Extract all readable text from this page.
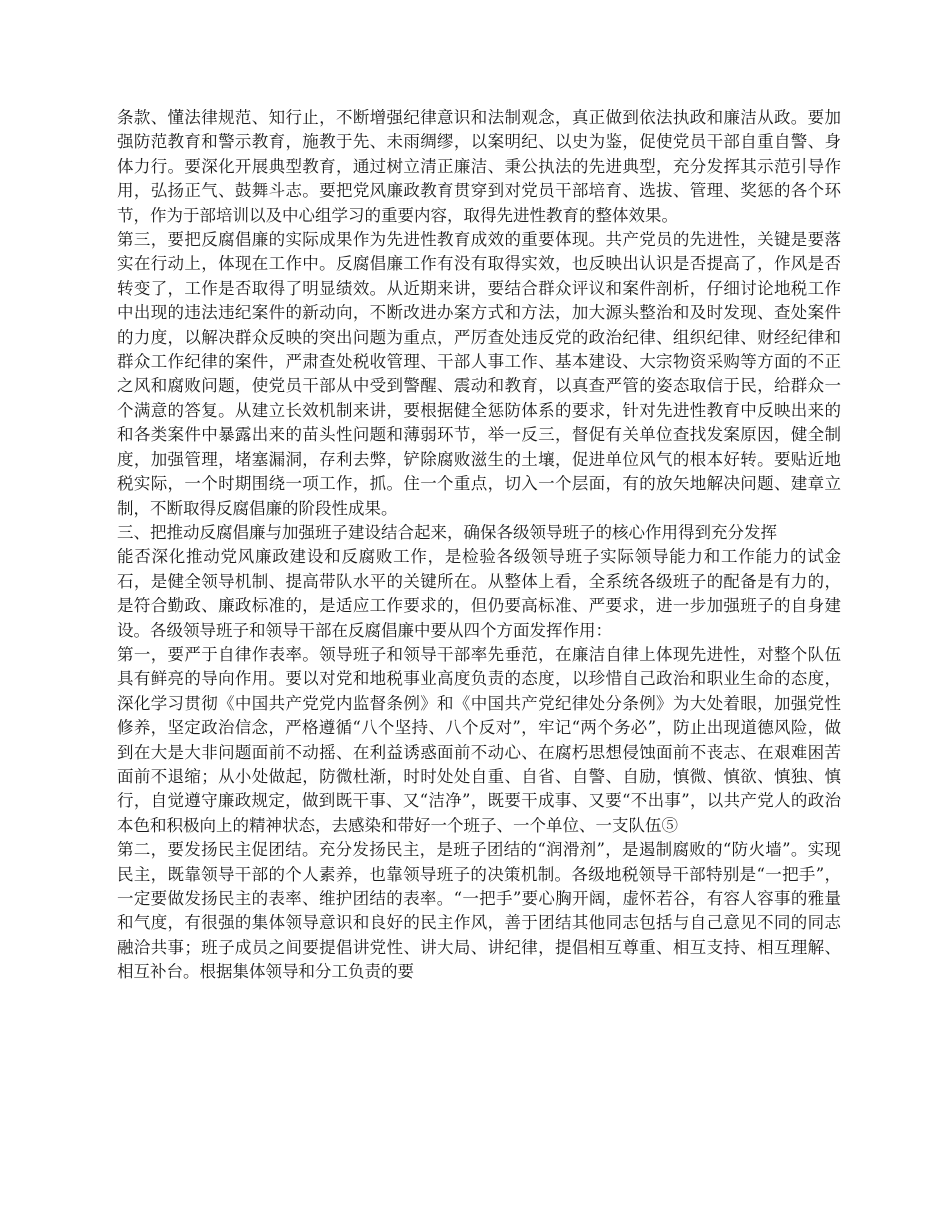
条款、懂法律规范、知行止，不断增强纪律意识和法制观念，真正做到依法执政和廉洁从政。要加强防范教育和警示教育，施教于先、未雨绸缪，以案明纪、以史为鉴，促使党员干部自重自警、身体力行。要深化开展典型教育，通过树立清正廉洁、秉公执法的先进典型，充分发挥其示范引导作用，弘扬正气、鼓舞斗志。要把党风廉政教育贯穿到对党员干部培育、选拔、管理、奖惩的各个环节，作为于部培训以及中心组学习的重要内容，取得先进性教育的整体效果。

第三，要把反腐倡廉的实际成果作为先进性教育成效的重要体现。共产党员的先进性，关键是要落实在行动上，体现在工作中。反腐倡廉工作有没有取得实效，也反映出认识是否提高了，作风是否转变了，工作是否取得了明显绩效。从近期来讲，要结合群众评议和案件剖析，仔细讨论地税工作中出现的违法违纪案件的新动向，不断改进办案方式和方法，加大源头整治和及时发现、查处案件的力度，以解决群众反映的突出问题为重点，严厉查处违反党的政治纪律、组织纪律、财经纪律和群众工作纪律的案件，严肃查处税收管理、干部人事工作、基本建设、大宗物资采购等方面的不正之风和腐败问题，使党员干部从中受到警醒、震动和教育，以真查严管的姿态取信于民，给群众一个满意的答复。从建立长效机制来讲，要根据健全惩防体系的要求，针对先进性教育中反映出来的和各类案件中暴露出来的苗头性问题和薄弱环节，举一反三，督促有关单位查找发案原因，健全制度，加强管理，堵塞漏洞，存利去弊，铲除腐败滋生的土壤，促进单位风气的根本好转。要贴近地税实际，一个时期围绕一项工作，抓。住一个重点，切入一个层面，有的放矢地解决问题、建章立制，不断取得反腐倡廉的阶段性成果。

三、把推动反腐倡廉与加强班子建设结合起来，确保各级领导班子的核心作用得到充分发挥

能否深化推动党风廉政建设和反腐败工作，是检验各级领导班子实际领导能力和工作能力的试金石，是健全领导机制、提高带队水平的关键所在。从整体上看，全系统各级班子的配备是有力的，是符合勤政、廉政标准的，是适应工作要求的，但仍要高标准、严要求，进一步加强班子的自身建设。各级领导班子和领导干部在反腐倡廉中要从四个方面发挥作用：

第一，要严于自律作表率。领导班子和领导干部率先垂范，在廉洁自律上体现先进性，对整个队伍具有鲜亮的导向作用。要以对党和地税事业高度负责的态度，以珍惜自己政治和职业生命的态度，深化学习贯彻《中国共产党党内监督条例》和《中国共产党纪律处分条例》为大处着眼，加强党性修养，坚定政治信念，严格遵循“八个坚持、八个反对”，牢记“两个务必”，防止出现道德风险，做到在大是大非问题面前不动摇、在利益诱惑面前不动心、在腐朽思想侵蚀面前不丧志、在艰难困苦面前不退缩；从小处做起，防微杜渐，时时处处自重、自省、自警、自励，慎微、慎欲、慎独、慎行，自觉遵守廉政规定，做到既干事、又“洁净”，既要干成事、又要“不出事”，以共产党人的政治本色和积极向上的精神状态，去感染和带好一个班子、一个单位、一支队伍⑤

第二，要发扬民主促团结。充分发扬民主，是班子团结的“润滑剂”，是遏制腐败的“防火墙”。实现民主，既靠领导干部的个人素养，也靠领导班子的决策机制。各级地税领导干部特别是“一把手”，一定要做发扬民主的表率、维护团结的表率。“一把手”要心胸开阔，虚怀若谷，有容人容事的雅量和气度，有很强的集体领导意识和良好的民主作风，善于团结其他同志包括与自己意见不同的同志融洽共事；班子成员之间要提倡讲党性、讲大局、讲纪律，提倡相互尊重、相互支持、相互理解、相互补台。根据集体领导和分工负责的要
